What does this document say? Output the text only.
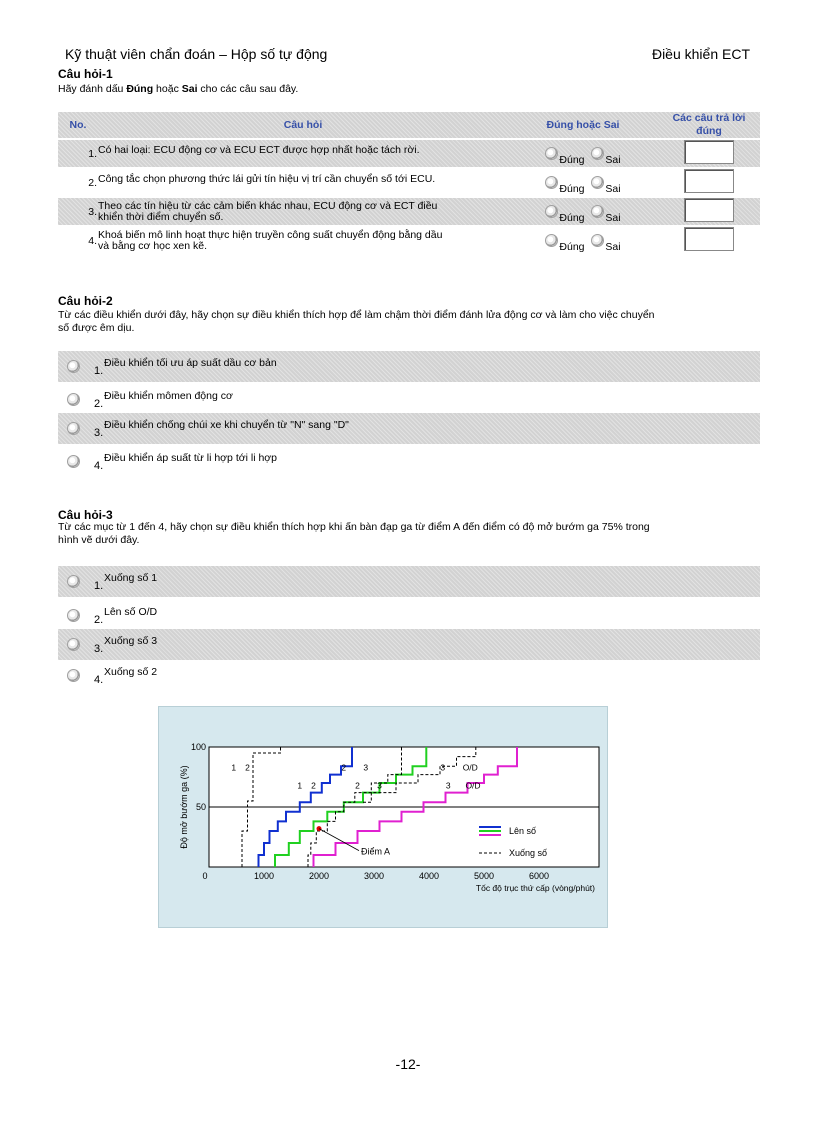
Kỹ thuật viên chẩn đoán – Hộp số tự động	Điều khiển ECT
Câu hỏi-1
Hãy đánh dấu Đúng hoặc Sai cho các câu sau đây.
No.	Câu hỏi	Đúng hoặc Sai	Các câu trả lời
đúng
1.	Có hai loại: ECU động cơ và ECU ECT được hợp nhất hoặc tách rời.	Đúng Sai	
2.	Công tắc chọn phương thức lái gửi tín hiệu vị trí cần chuyển số tới ECU.	Đúng Sai	
3.	Theo các tín hiệu từ các cảm biến khác nhau, ECU động cơ và ECT điều
khiển thời điểm chuyển số.	Đúng Sai	
4.	Khoá biến mô linh hoạt thực hiện truyền công suất chuyển động bằng dầu
và bằng cơ học xen kẽ.	Đúng Sai	
Câu hỏi-2
Từ các điều khiển dưới đây, hãy chọn sự điều khiển thích hợp để làm chậm thời điểm đánh lửa động cơ và làm cho việc chuyển
số được êm dịu.
1.
Điều khiển tối ưu áp suất dầu cơ bản
2.
Điều khiển mômen động cơ
3.
Điều khiển chống chúi xe khi chuyển từ "N" sang "D"
4.
Điều khiển áp suất từ li hợp tới li hợp
Câu hỏi-3
Từ các mục từ 1 đến 4, hãy chọn sự điều khiển thích hợp khi ấn bàn đạp ga từ điểm A đến điểm có độ mở bướm ga 75% trong
hình vẽ dưới đây.
1.
Xuống số 1
2.
Lên số O/D
3.
Xuống số 3
4.
Xuống số 2
0	1000	2000	3000	4000	5000	6000
100
50
Độ mở bướm ga (%)
Tốc độ trục thứ cấp (vòng/phút)
1 2	2 3	3 O/D
1 2	2 3	3 O/D
Điểm A
Lên số
Xuống số
-12-
